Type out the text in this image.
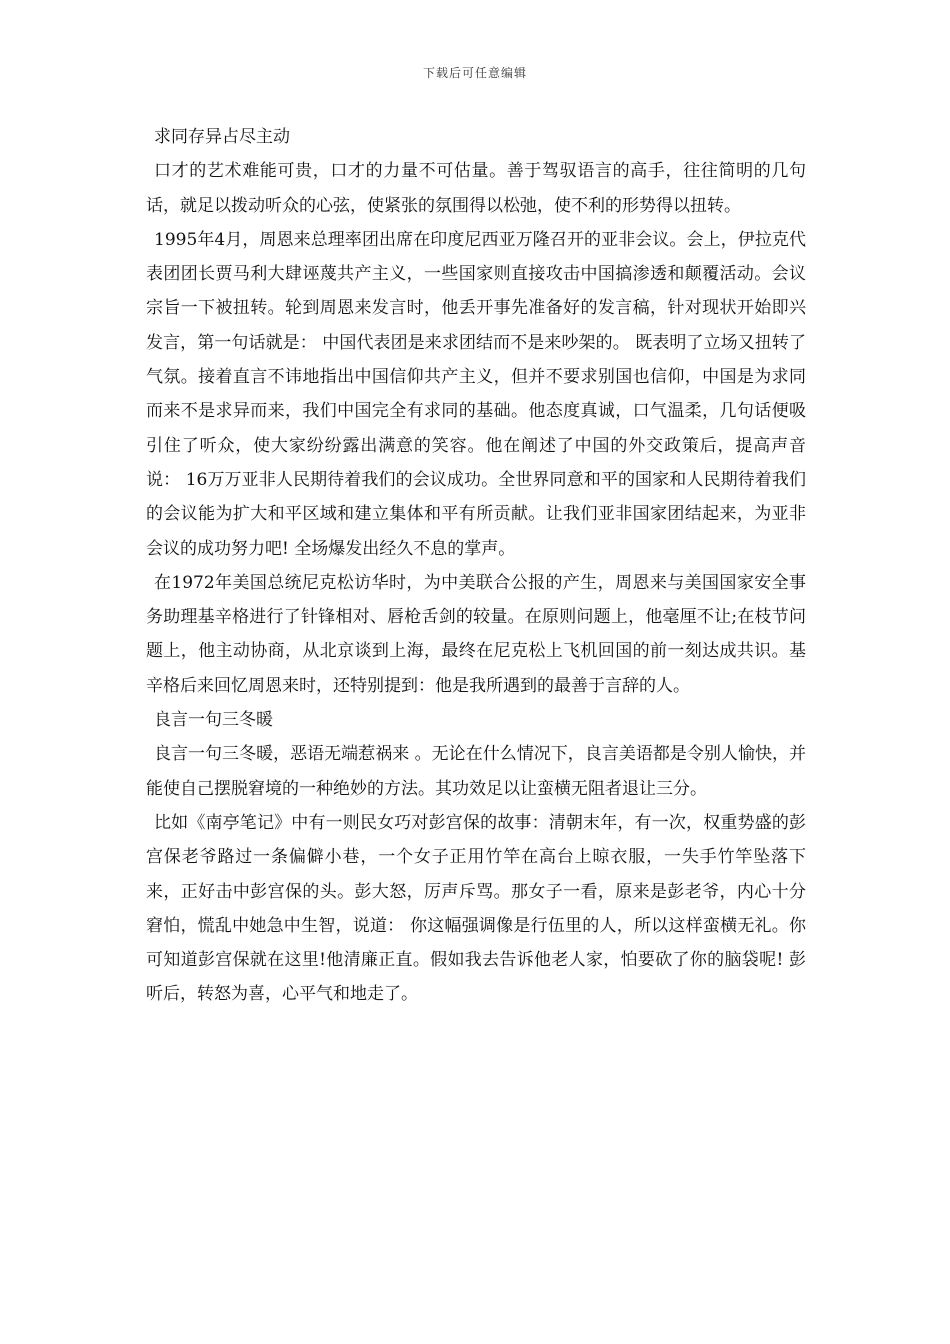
下载后可任意编辑

求同存异占尽主动

口才的艺术难能可贵，口才的力量不可估量。善于驾驭语言的高手，往往简明的几句话，就足以拨动听众的心弦，使紧张的氛围得以松弛，使不利的形势得以扭转。

1995年4月，周恩来总理率团出席在印度尼西亚万隆召开的亚非会议。会上，伊拉克代表团团长贾马利大肆诬蔑共产主义，一些国家则直接攻击中国搞渗透和颠覆活动。会议宗旨一下被扭转。轮到周恩来发言时，他丢开事先准备好的发言稿，针对现状开始即兴发言，第一句话就是： 中国代表团是来求团结而不是来吵架的。 既表明了立场又扭转了气氛。接着直言不讳地指出中国信仰共产主义，但并不要求别国也信仰，中国是为求同而来不是求异而来，我们中国完全有求同的基础。他态度真诚，口气温柔，几句话便吸引住了听众，使大家纷纷露出满意的笑容。他在阐述了中国的外交政策后，提高声音说： 16万万亚非人民期待着我们的会议成功。全世界同意和平的国家和人民期待着我们的会议能为扩大和平区域和建立集体和平有所贡献。让我们亚非国家团结起来，为亚非会议的成功努力吧! 全场爆发出经久不息的掌声。

在1972年美国总统尼克松访华时，为中美联合公报的产生，周恩来与美国国家安全事务助理基辛格进行了针锋相对、唇枪舌剑的较量。在原则问题上，他毫厘不让;在枝节问题上，他主动协商，从北京谈到上海，最终在尼克松上飞机回国的前一刻达成共识。基辛格后来回忆周恩来时，还特别提到：他是我所遇到的最善于言辞的人。

良言一句三冬暖

良言一句三冬暖，恶语无端惹祸来 。无论在什么情况下，良言美语都是令别人愉快，并能使自己摆脱窘境的一种绝妙的方法。其功效足以让蛮横无阻者退让三分。

比如《南亭笔记》中有一则民女巧对彭宫保的故事：清朝末年，有一次，权重势盛的彭宫保老爷路过一条偏僻小巷，一个女子正用竹竿在高台上晾衣服，一失手竹竿坠落下来，正好击中彭宫保的头。彭大怒，厉声斥骂。那女子一看，原来是彭老爷，内心十分窘怕，慌乱中她急中生智，说道： 你这幅强调像是行伍里的人，所以这样蛮横无礼。你可知道彭宫保就在这里!他清廉正直。假如我去告诉他老人家，怕要砍了你的脑袋呢! 彭听后，转怒为喜，心平气和地走了。
